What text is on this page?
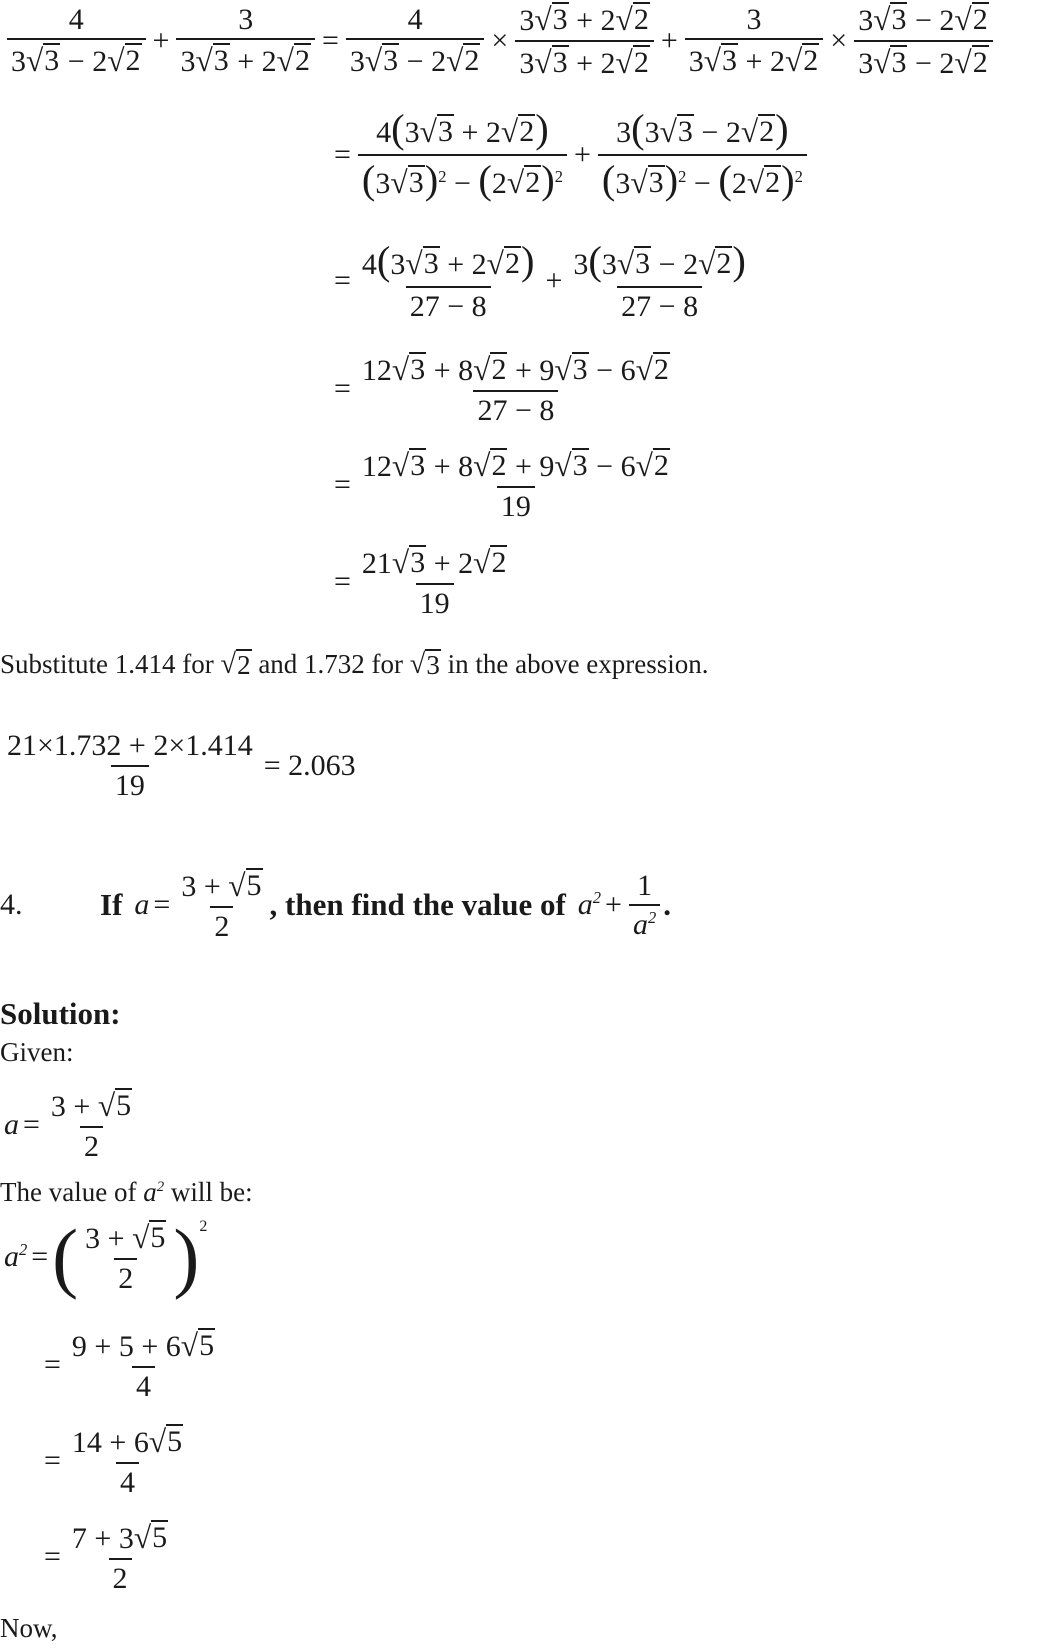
$\frac{4}{3 √ 3 - 2 √ 2} + \frac{3}{3 √ 3 + 2 √ 2} = \frac{4}{3 √ 3 - 2 √ 2} \times \frac{3 √ 3 + 2 √ 2}{3 √ 3 + 2 √ 2} + \frac{3}{3 √ 3 + 2 √ 2} \times \frac{3 √ 3 - 2 √ 2}{3 √ 3 - 2 √ 2}$
= $\frac{4(3 √ 3 + 2 √ 2 )}{(3 √ 3 )^2 - (2 √ 2 )^2} + \frac{3(3 √ 3 - 2 √ 2 )}{(3 √ 3 )^2 - (2 √ 2 )^2}$
= $\frac{4(3 √ 3 + 2 √ 2 )}{27 - 8} + \frac{3(3 √ 3 - 2 √ 2 )}{27 - 8}$
= $\frac{12 √ 3 + 8 √ 2 + 9 √ 3 - 6 √ 2}{27 - 8}$
= $\frac{12 √ 3 + 8 √ 2 + 9 √ 3 - 6 √ 2}{19}$
= $\frac{21 √ 3 + 2 √ 2}{19}$
Substitute 1.414 for √ 2 and 1.732 for √ 3 in the above expression.
$\frac{21\times 1.732 + 2\times 1.414}{19} = 2.063$
4.	If $a = \frac{3 + √ 5}{2}$ , then find the value of $a^2 + \frac{1}{a^2}$ .
Solution:
Given:
$a = \frac{3 + √ 5}{2}$
The value of $a^2$ will be:
$a^2$ = ( $\frac{3 + √ 5}{2}$ ) 2
= $\frac{9 + 5 + 6 √ 5}{4}$
= $\frac{14 + 6 √ 5}{4}$
= $\frac{7 + 3 √ 5}{2}$
Now,
